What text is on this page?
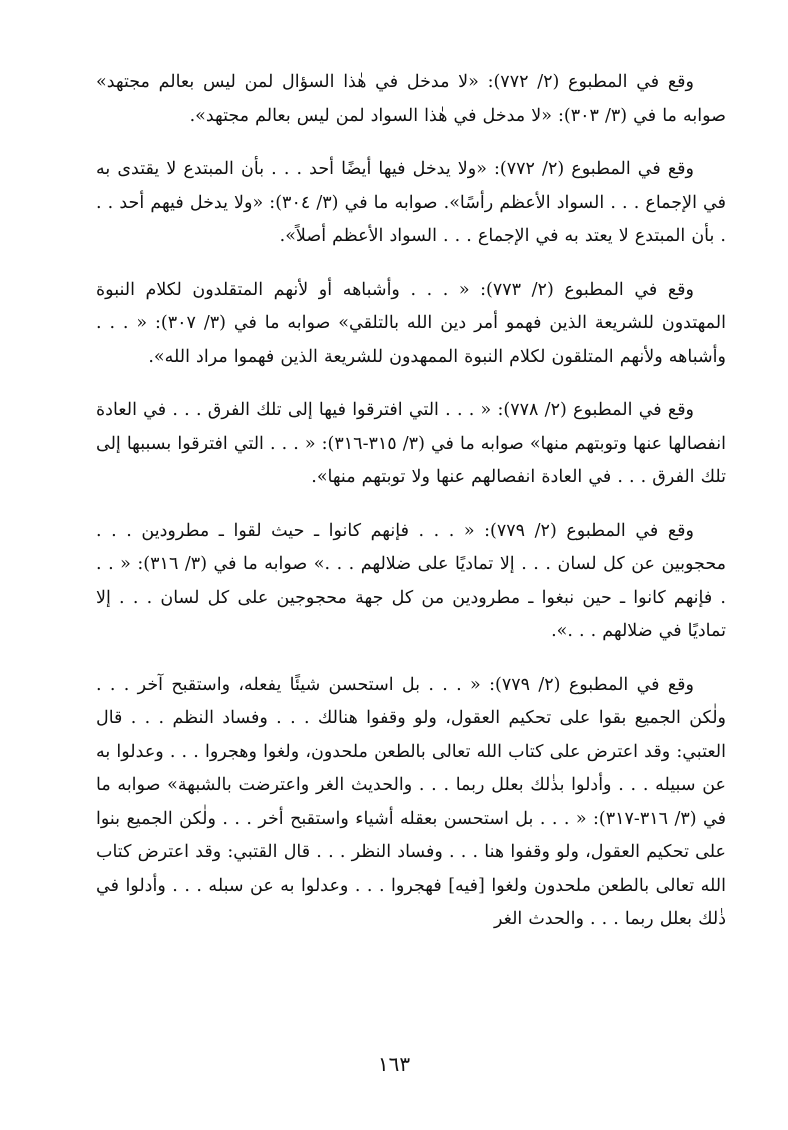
وقع في المطبوع (٢/ ٧٧٢): «لا مدخل في هٰذا السؤال لمن ليس بعالم مجتهد» صوابه ما في (٣/ ٣٠٣): «لا مدخل في هٰذا السواد لمن ليس بعالم مجتهد».

وقع في المطبوع (٢/ ٧٧٢): «ولا يدخل فيها أيضًا أحد . . . بأن المبتدع لا يقتدى به في الإجماع . . . السواد الأعظم رأسًا». صوابه ما في (٣/ ٣٠٤): «ولا يدخل فيهم أحد . . . بأن المبتدع لا يعتد به في الإجماع . . . السواد الأعظم أصلاً».

وقع في المطبوع (٢/ ٧٧٣): « . . . وأشباهه أو لأنهم المتقلدون لكلام النبوة المهتدون للشريعة الذين فهمو أمر دين الله بالتلقي» صوابه ما في (٣/ ٣٠٧): « . . . وأشباهه ولأنهم المتلقون لكلام النبوة الممهدون للشريعة الذين فهموا مراد الله».

وقع في المطبوع (٢/ ٧٧٨): « . . . التي افترقوا فيها إلى تلك الفرق . . . في العادة انفصالها عنها وتوبتهم منها» صوابه ما في (٣/ ٣١٥-٣١٦): « . . . التي افترقوا بسببها إلى تلك الفرق . . . في العادة انفصالهم عنها ولا توبتهم منها».

وقع في المطبوع (٢/ ٧٧٩): « . . . فإنهم كانوا ـ حيث لقوا ـ مطرودين . . . محجوبين عن كل لسان . . . إلا تماديًا على ضلالهم . . .» صوابه ما في (٣/ ٣١٦): « . . . فإنهم كانوا ـ حين نبغوا ـ مطرودين من كل جهة محجوجين على كل لسان . . . إلا تماديًا في ضلالهم . . .».

وقع في المطبوع (٢/ ٧٧٩): « . . . بل استحسن شيئًا يفعله، واستقبح آخر . . . ولٰكن الجميع بقوا على تحكيم العقول، ولو وقفوا هنالك . . . وفساد النظم . . . قال العتبي: وقد اعترض على كتاب الله تعالى بالطعن ملحدون، ولغوا وهجروا . . . وعدلوا به عن سبيله . . . وأدلوا بذٰلك بعلل ربما . . . والحديث الغر واعترضت بالشبهة» صوابه ما في (٣/ ٣١٦-٣١٧): « . . . بل استحسن بعقله أشياء واستقبح أخر . . . ولٰكن الجميع بنوا على تحكيم العقول، ولو وقفوا هنا . . . وفساد النظر . . . قال القتبي: وقد اعترض كتاب الله تعالى بالطعن ملحدون ولغوا [فيه] فهجروا . . . وعدلوا به عن سبله . . . وأدلوا في ذٰلك بعلل ربما . . . والحدث الغر

١٦٣
